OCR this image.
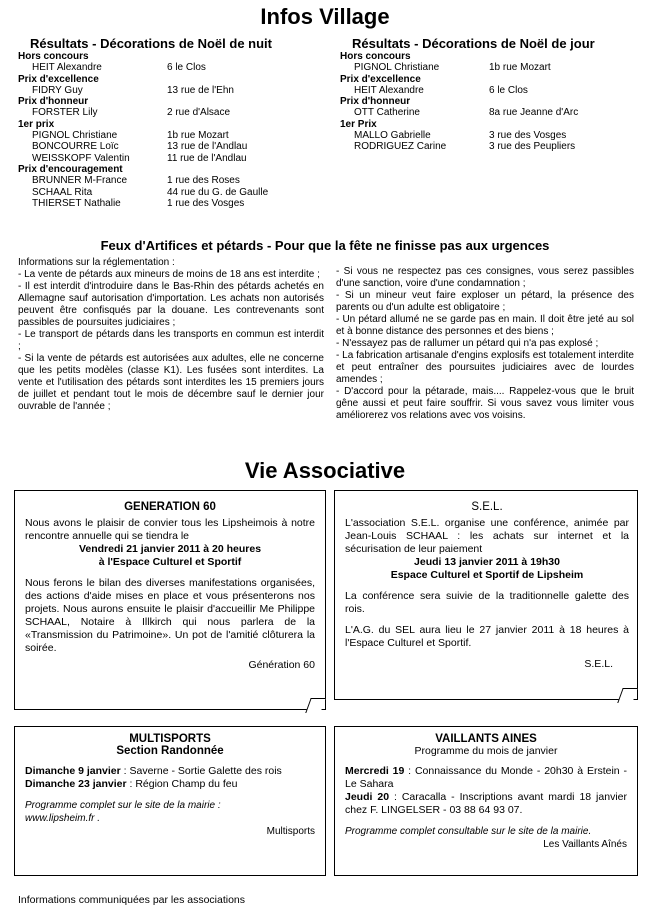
Infos Village
Résultats - Décorations de Noël de nuit
Hors concours
HEIT Alexandre	6 le Clos
Prix d'excellence
FIDRY Guy	13 rue de l'Ehn
Prix d'honneur
FORSTER Lily	2 rue d'Alsace
1er prix
PIGNOL Christiane	1b rue Mozart
BONCOURRE Loïc	13 rue de l'Andlau
WEISSKOPF Valentin	11 rue de l'Andlau
Prix d'encouragement
BRUNNER M-France	1 rue des Roses
SCHAAL Rita	44 rue du G. de Gaulle
THIERSET Nathalie	1 rue des Vosges
Résultats - Décorations de Noël de jour
Hors concours
PIGNOL Christiane	1b rue Mozart
Prix d'excellence
HEIT Alexandre	6 le Clos
Prix d'honneur
OTT Catherine	8a rue Jeanne d'Arc
1er Prix
MALLO Gabrielle	3 rue des Vosges
RODRIGUEZ Carine	3 rue des Peupliers
Feux d'Artifices et pétards - Pour que la fête ne finisse pas aux urgences

Informations sur la réglementation :

- La vente de pétards aux mineurs de moins de 18 ans est interdite ;

- Il est interdit d'introduire dans le Bas-Rhin des pétards achetés en Allemagne sauf autorisation d'importation. Les achats non autorisés peuvent être confisqués par la douane. Les contrevenants sont passibles de poursuites judiciaires ;

- Le transport de pétards dans les transports en commun est interdit ;

- Si la vente de pétards est autorisées aux adultes, elle ne concerne que les petits modèles (classe K1). Les fusées sont interdites. La vente et l'utilisation des pétards sont interdites les 15 premiers jours de juillet et pendant tout le mois de décembre sauf le dernier jour ouvrable de l'année ;

- Si vous ne respectez pas ces consignes, vous serez passibles d'une sanction, voire d'une condamnation ;

- Si un mineur veut faire exploser un pétard, la présence des parents ou d'un adulte est obligatoire ;

- Un pétard allumé ne se garde pas en main. Il doit être jeté au sol et à bonne distance des personnes et des biens ;

- N'essayez pas de rallumer un pétard qui n'a pas explosé ;

- La fabrication artisanale d'engins explosifs est totalement interdite et peut entraîner des poursuites judiciaires avec de lourdes amendes ;

- D'accord pour la pétarade, mais.... Rappelez-vous que le bruit gêne aussi et peut faire souffrir. Si vous savez vous limiter vous améliorerez vos relations avec vos voisins.

Vie Associative
GENERATION 60

Nous avons le plaisir de convier tous les Lipsheimois à notre rencontre annuelle qui se tiendra le

Vendredi 21 janvier 2011 à 20 heures

à l'Espace Culturel et Sportif

Nous ferons le bilan des diverses manifestations organisées, des actions d'aide mises en place et vous présenterons nos projets. Nous aurons ensuite le plaisir d'accueillir Me Philippe SCHAAL, Notaire à Illkirch qui nous parlera de la «Transmission du Patrimoine». Un pot de l'amitié clôturera la soirée.

Génération 60

S.E.L.

L'association S.E.L. organise une conférence, animée par Jean-Louis SCHAAL : les achats sur internet et la sécurisation de leur paiement

Jeudi 13 janvier 2011 à 19h30

Espace Culturel et Sportif de Lipsheim

La conférence sera suivie de la traditionnelle galette des rois.

L'A.G. du SEL aura lieu le 27 janvier 2011 à 18 heures à l'Espace Culturel et Sportif.

S.E.L.

MULTISPORTS
Section Randonnée

Dimanche 9 janvier : Saverne - Sortie Galette des rois

Dimanche 23 janvier : Région Champ du feu

Programme complet sur le site de la mairie : www.lipsheim.fr .

Multisports

VAILLANTS AINES
Programme du mois de janvier

Mercredi 19 : Connaissance du Monde - 20h30 à Erstein - Le Sahara

Jeudi 20 : Caracalla - Inscriptions avant mardi 18 janvier chez F. LINGELSER - 03 88 64 93 07.

Programme complet consultable sur le site de la mairie.

Les Vaillants Aînés

Informations communiquées par les associations
